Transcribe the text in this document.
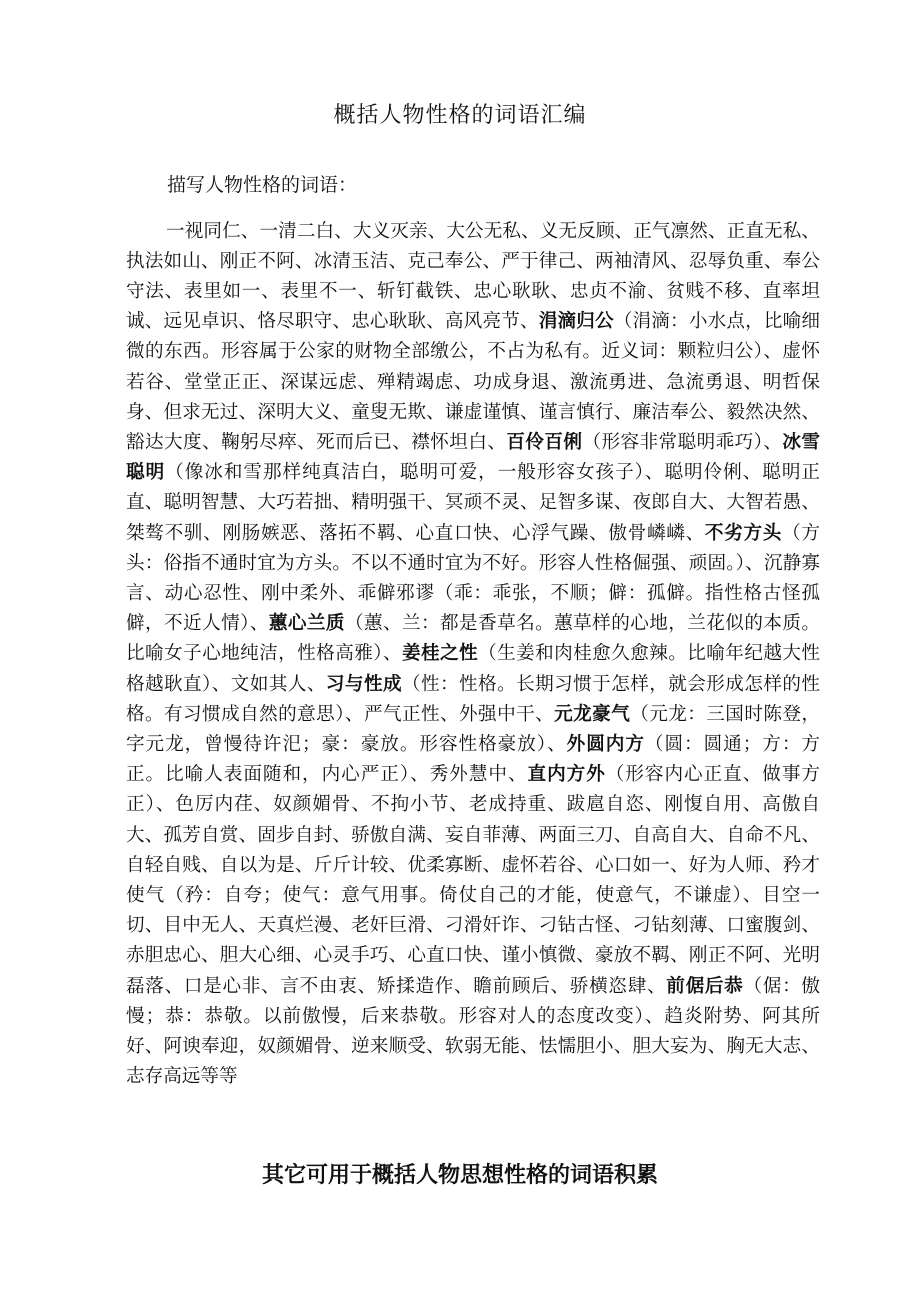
概括人物性格的词语汇编
描写人物性格的词语：

一视同仁、一清二白、大义灭亲、大公无私、义无反顾、正气凛然、正直无私、执法如山、刚正不阿、冰清玉洁、克己奉公、严于律己、两袖清风、忍辱负重、奉公守法、表里如一、表里不一、斩钉截铁、忠心耿耿、忠贞不渝、贫贱不移、直率坦诚、远见卓识、恪尽职守、忠心耿耿、高风亮节、涓滴归公（涓滴：小水点，比喻细微的东西。形容属于公家的财物全部缴公，不占为私有。近义词：颗粒归公）、虚怀若谷、堂堂正正、深谋远虑、殚精竭虑、功成身退、激流勇进、急流勇退、明哲保身、但求无过、深明大义、童叟无欺、谦虚谨慎、谨言慎行、廉洁奉公、毅然决然、豁达大度、鞠躬尽瘁、死而后已、襟怀坦白、百伶百俐（形容非常聪明乖巧）、冰雪聪明（像冰和雪那样纯真洁白，聪明可爱，一般形容女孩子）、聪明伶俐、聪明正直、聪明智慧、大巧若拙、精明强干、冥顽不灵、足智多谋、夜郎自大、大智若愚、桀骜不驯、刚肠嫉恶、落拓不羁、心直口快、心浮气躁、傲骨嶙嶙、不劣方头（方头：俗指不通时宜为方头。不以不通时宜为不好。形容人性格倔强、顽固。）、沉静寡言、动心忍性、刚中柔外、乖僻邪谬（乖：乖张，不顺；僻：孤僻。指性格古怪孤僻，不近人情）、蕙心兰质（蕙、兰：都是香草名。蕙草样的心地，兰花似的本质。比喻女子心地纯洁，性格高雅）、姜桂之性（生姜和肉桂愈久愈辣。比喻年纪越大性格越耿直）、文如其人、习与性成（性：性格。长期习惯于怎样，就会形成怎样的性格。有习惯成自然的意思）、严气正性、外强中干、元龙豪气（元龙：三国时陈登，字元龙，曾慢待许汜；豪：豪放。形容性格豪放）、外圆内方（圆：圆通；方：方正。比喻人表面随和，内心严正）、秀外慧中、直内方外（形容内心正直、做事方正）、色厉内荏、奴颜媚骨、不拘小节、老成持重、跋扈自恣、刚愎自用、高傲自大、孤芳自赏、固步自封、骄傲自满、妄自菲薄、两面三刀、自高自大、自命不凡、自轻自贱、自以为是、斤斤计较、优柔寡断、虚怀若谷、心口如一、好为人师、矜才使气（矜：自夸；使气：意气用事。倚仗自己的才能，使意气，不谦虚）、目空一切、目中无人、天真烂漫、老奸巨滑、刁滑奸诈、刁钻古怪、刁钻刻薄、口蜜腹剑、赤胆忠心、胆大心细、心灵手巧、心直口快、谨小慎微、豪放不羁、刚正不阿、光明磊落、口是心非、言不由衷、矫揉造作、瞻前顾后、骄横恣肆、前倨后恭（倨：傲慢；恭：恭敬。以前傲慢，后来恭敬。形容对人的态度改变）、趋炎附势、阿其所好、阿谀奉迎，奴颜媚骨、逆来顺受、软弱无能、怯懦胆小、胆大妄为、胸无大志、志存高远等等

其它可用于概括人物思想性格的词语积累
